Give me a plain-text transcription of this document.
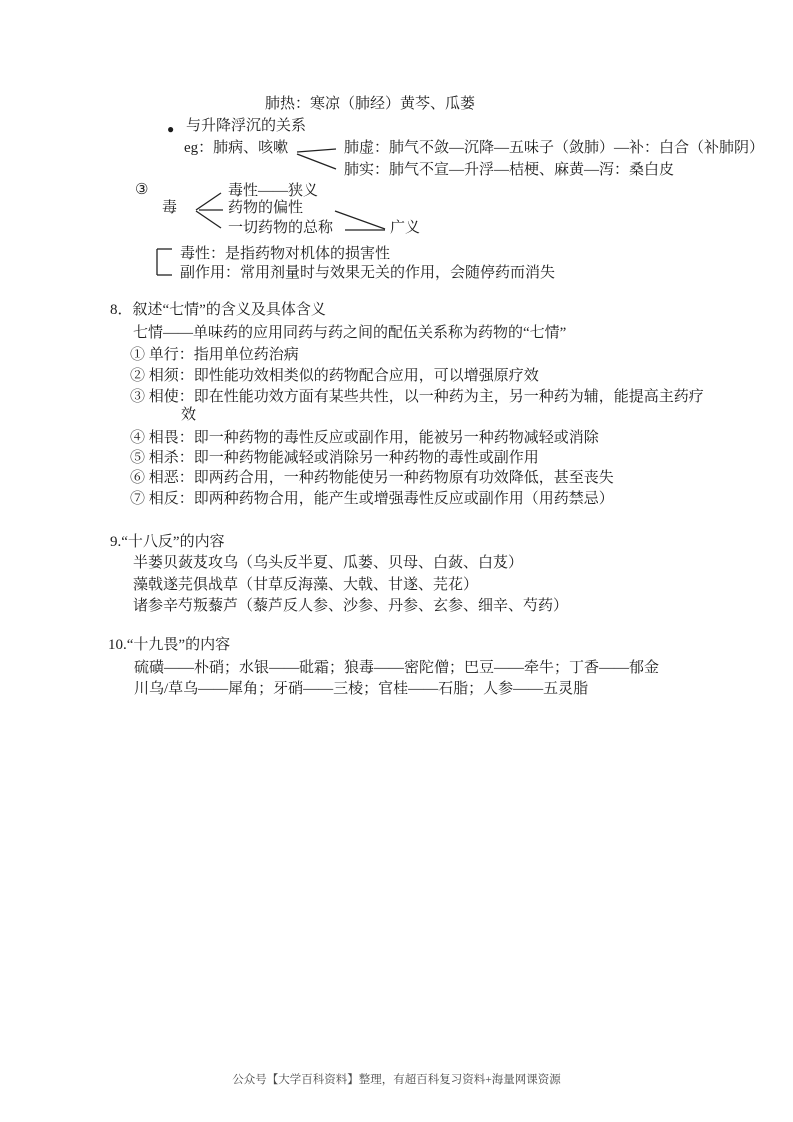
肺热：寒凉（肺经）黄芩、瓜蒌
● 与升降浮沉的关系
eg：肺病、咳嗽	肺虚：肺气不敛—沉降—五味子（敛肺）—补：白合（补肺阴）
肺实：肺气不宣—升浮—桔梗、麻黄—泻：桑白皮
③
毒
毒性——狭义
药物的偏性
一切药物的总称	广义
毒性：是指药物对机体的损害性
副作用：常用剂量时与效果无关的作用，会随停药而消失
8．叙述“七情”的含义及具体含义
七情——单味药的应用同药与药之间的配伍关系称为药物的“七情”
① 单行：指用单位药治病
② 相须：即性能功效相类似的药物配合应用，可以增强原疗效
③ 相使：即在性能功效方面有某些共性，以一种药为主，另一种药为辅，能提高主药疗
效
④ 相畏：即一种药物的毒性反应或副作用，能被另一种药物减轻或消除
⑤ 相杀：即一种药物能减轻或消除另一种药物的毒性或副作用
⑥ 相恶：即两药合用，一种药物能使另一种药物原有功效降低，甚至丧失
⑦ 相反：即两种药物合用，能产生或增强毒性反应或副作用（用药禁忌）
9.“十八反”的内容
半蒌贝蔹芨攻乌（乌头反半夏、瓜蒌、贝母、白蔹、白芨）
藻戟遂芫俱战草（甘草反海藻、大戟、甘遂、芫花）
诸参辛芍叛藜芦（藜芦反人参、沙参、丹参、玄参、细辛、芍药）
10.“十九畏”的内容
硫磺——朴硝；水银——砒霜；狼毒——密陀僧；巴豆——牵牛；丁香——郁金
川乌/草乌——犀角；牙硝——三棱；官桂——石脂；人参——五灵脂
公众号【大学百科资料】整理，有超百科复习资料+海量网课资源
